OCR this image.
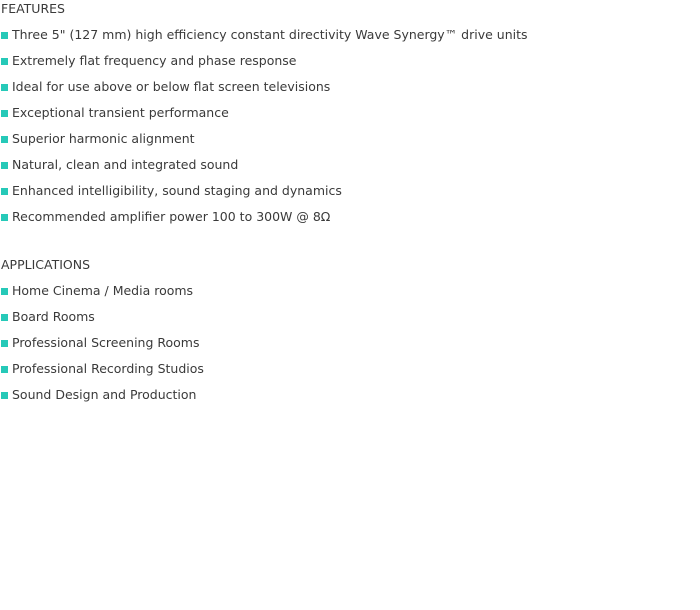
FEATURES
Three 5" (127 mm) high efficiency constant directivity Wave Synergy™ drive units
Extremely flat frequency and phase response
Ideal for use above or below flat screen televisions
Exceptional transient performance
Superior harmonic alignment
Natural, clean and integrated sound
Enhanced intelligibility, sound staging and dynamics
Recommended amplifier power 100 to 300W @ 8Ω
APPLICATIONS
Home Cinema / Media rooms
Board Rooms
Professional Screening Rooms
Professional Recording Studios
Sound Design and Production
